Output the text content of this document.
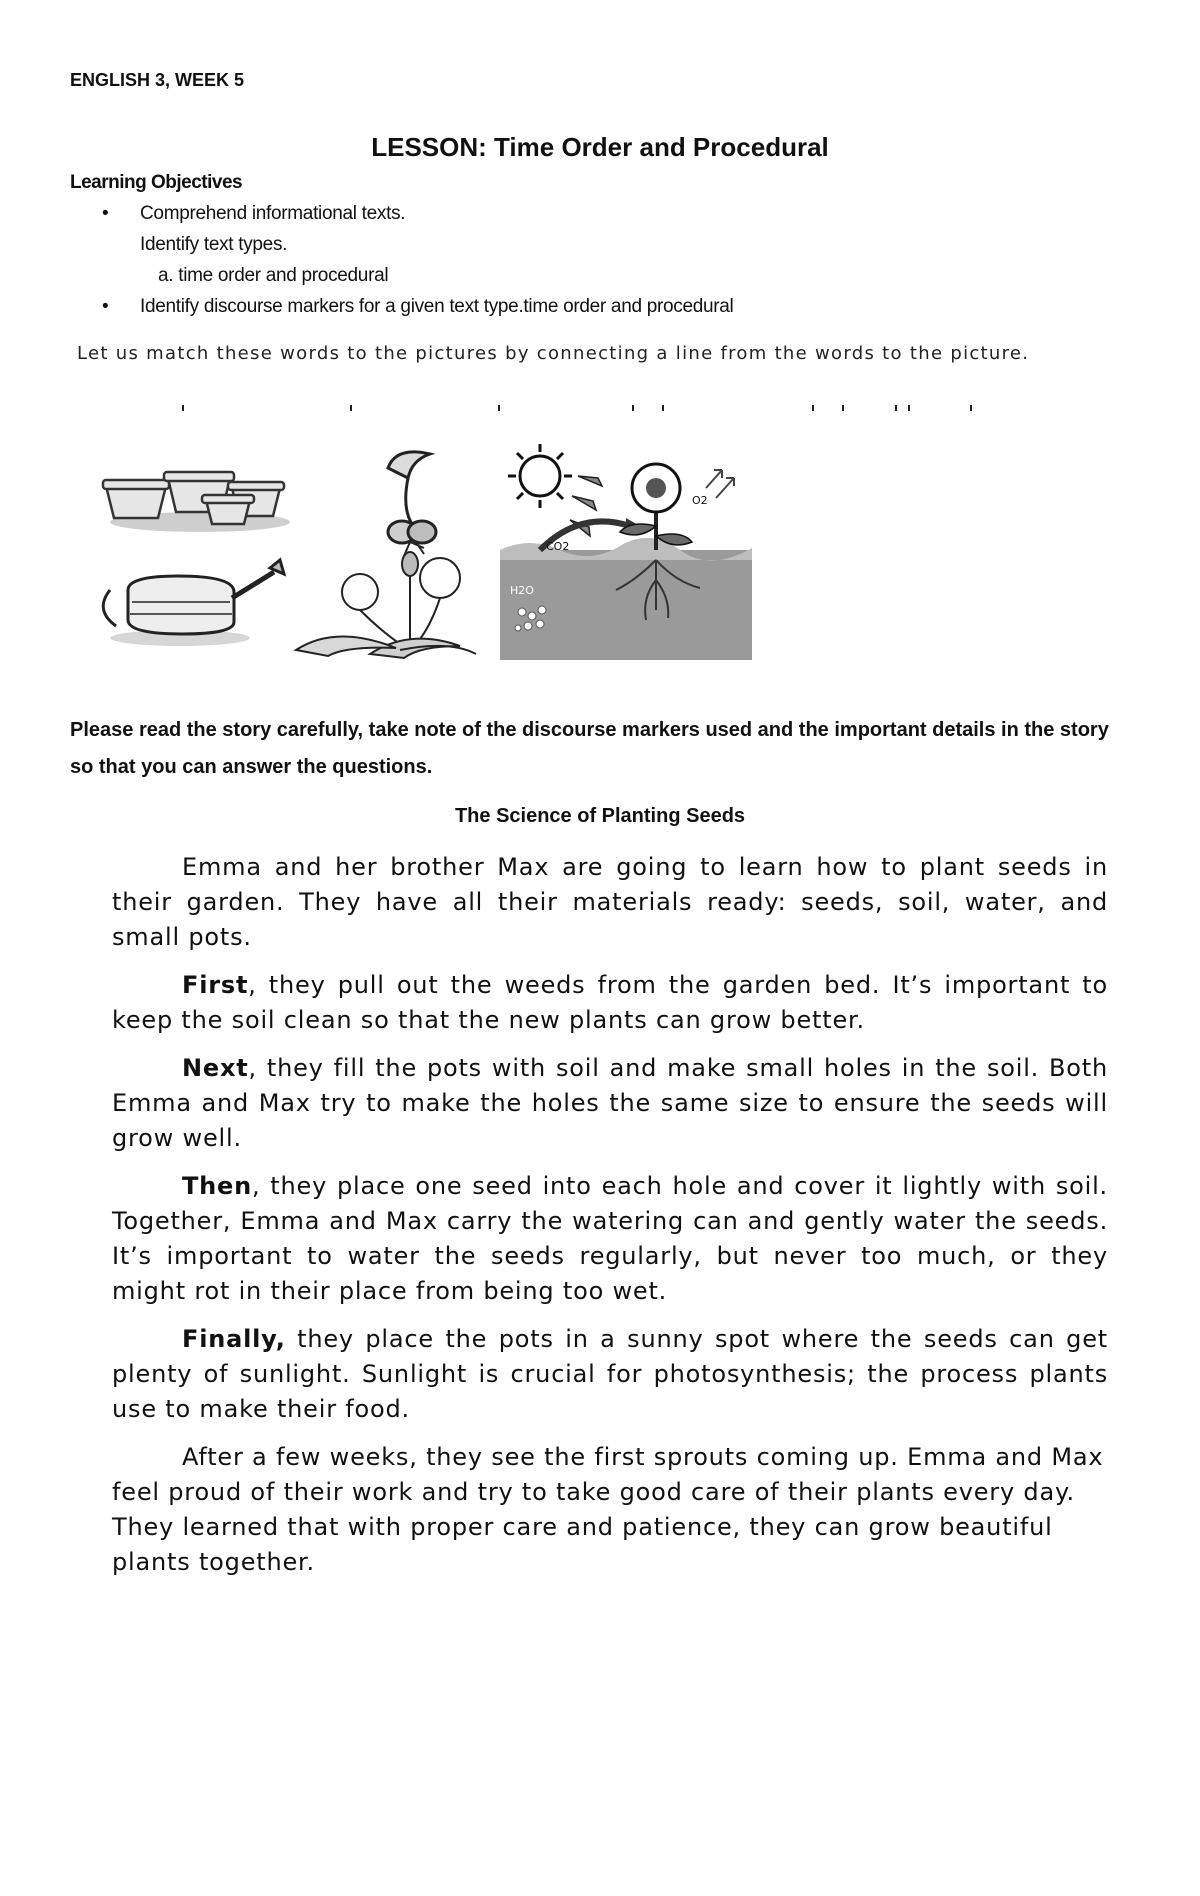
ENGLISH 3, WEEK 5
LESSON: Time Order and Procedural
Learning Objectives
• Comprehend informational texts.
Identify text types.
a. time order and procedural
• Identify discourse markers for a given text type.time order and procedural
Let us match these words to the pictures by connecting a line from the words to the picture.
CO2
O2
H2O
Please read the story carefully, take note of the discourse markers used and the important details in the story so that you can answer the questions.
The Science of Planting Seeds

Emma and her brother Max are going to learn how to plant seeds in their garden. They have all their materials ready: seeds, soil, water, and small pots.

First, they pull out the weeds from the garden bed. It’s important to keep the soil clean so that the new plants can grow better.

Next, they fill the pots with soil and make small holes in the soil. Both Emma and Max try to make the holes the same size to ensure the seeds will grow well.

Then, they place one seed into each hole and cover it lightly with soil. Together, Emma and Max carry the watering can and gently water the seeds. It’s important to water the seeds regularly, but never too much, or they might rot in their place from being too wet.

Finally, they place the pots in a sunny spot where the seeds can get plenty of sunlight. Sunlight is crucial for photosynthesis; the process plants use to make their food.

After a few weeks, they see the first sprouts coming up. Emma and Max feel proud of their work and try to take good care of their plants every day. They learned that with proper care and patience, they can grow beautiful plants together.
